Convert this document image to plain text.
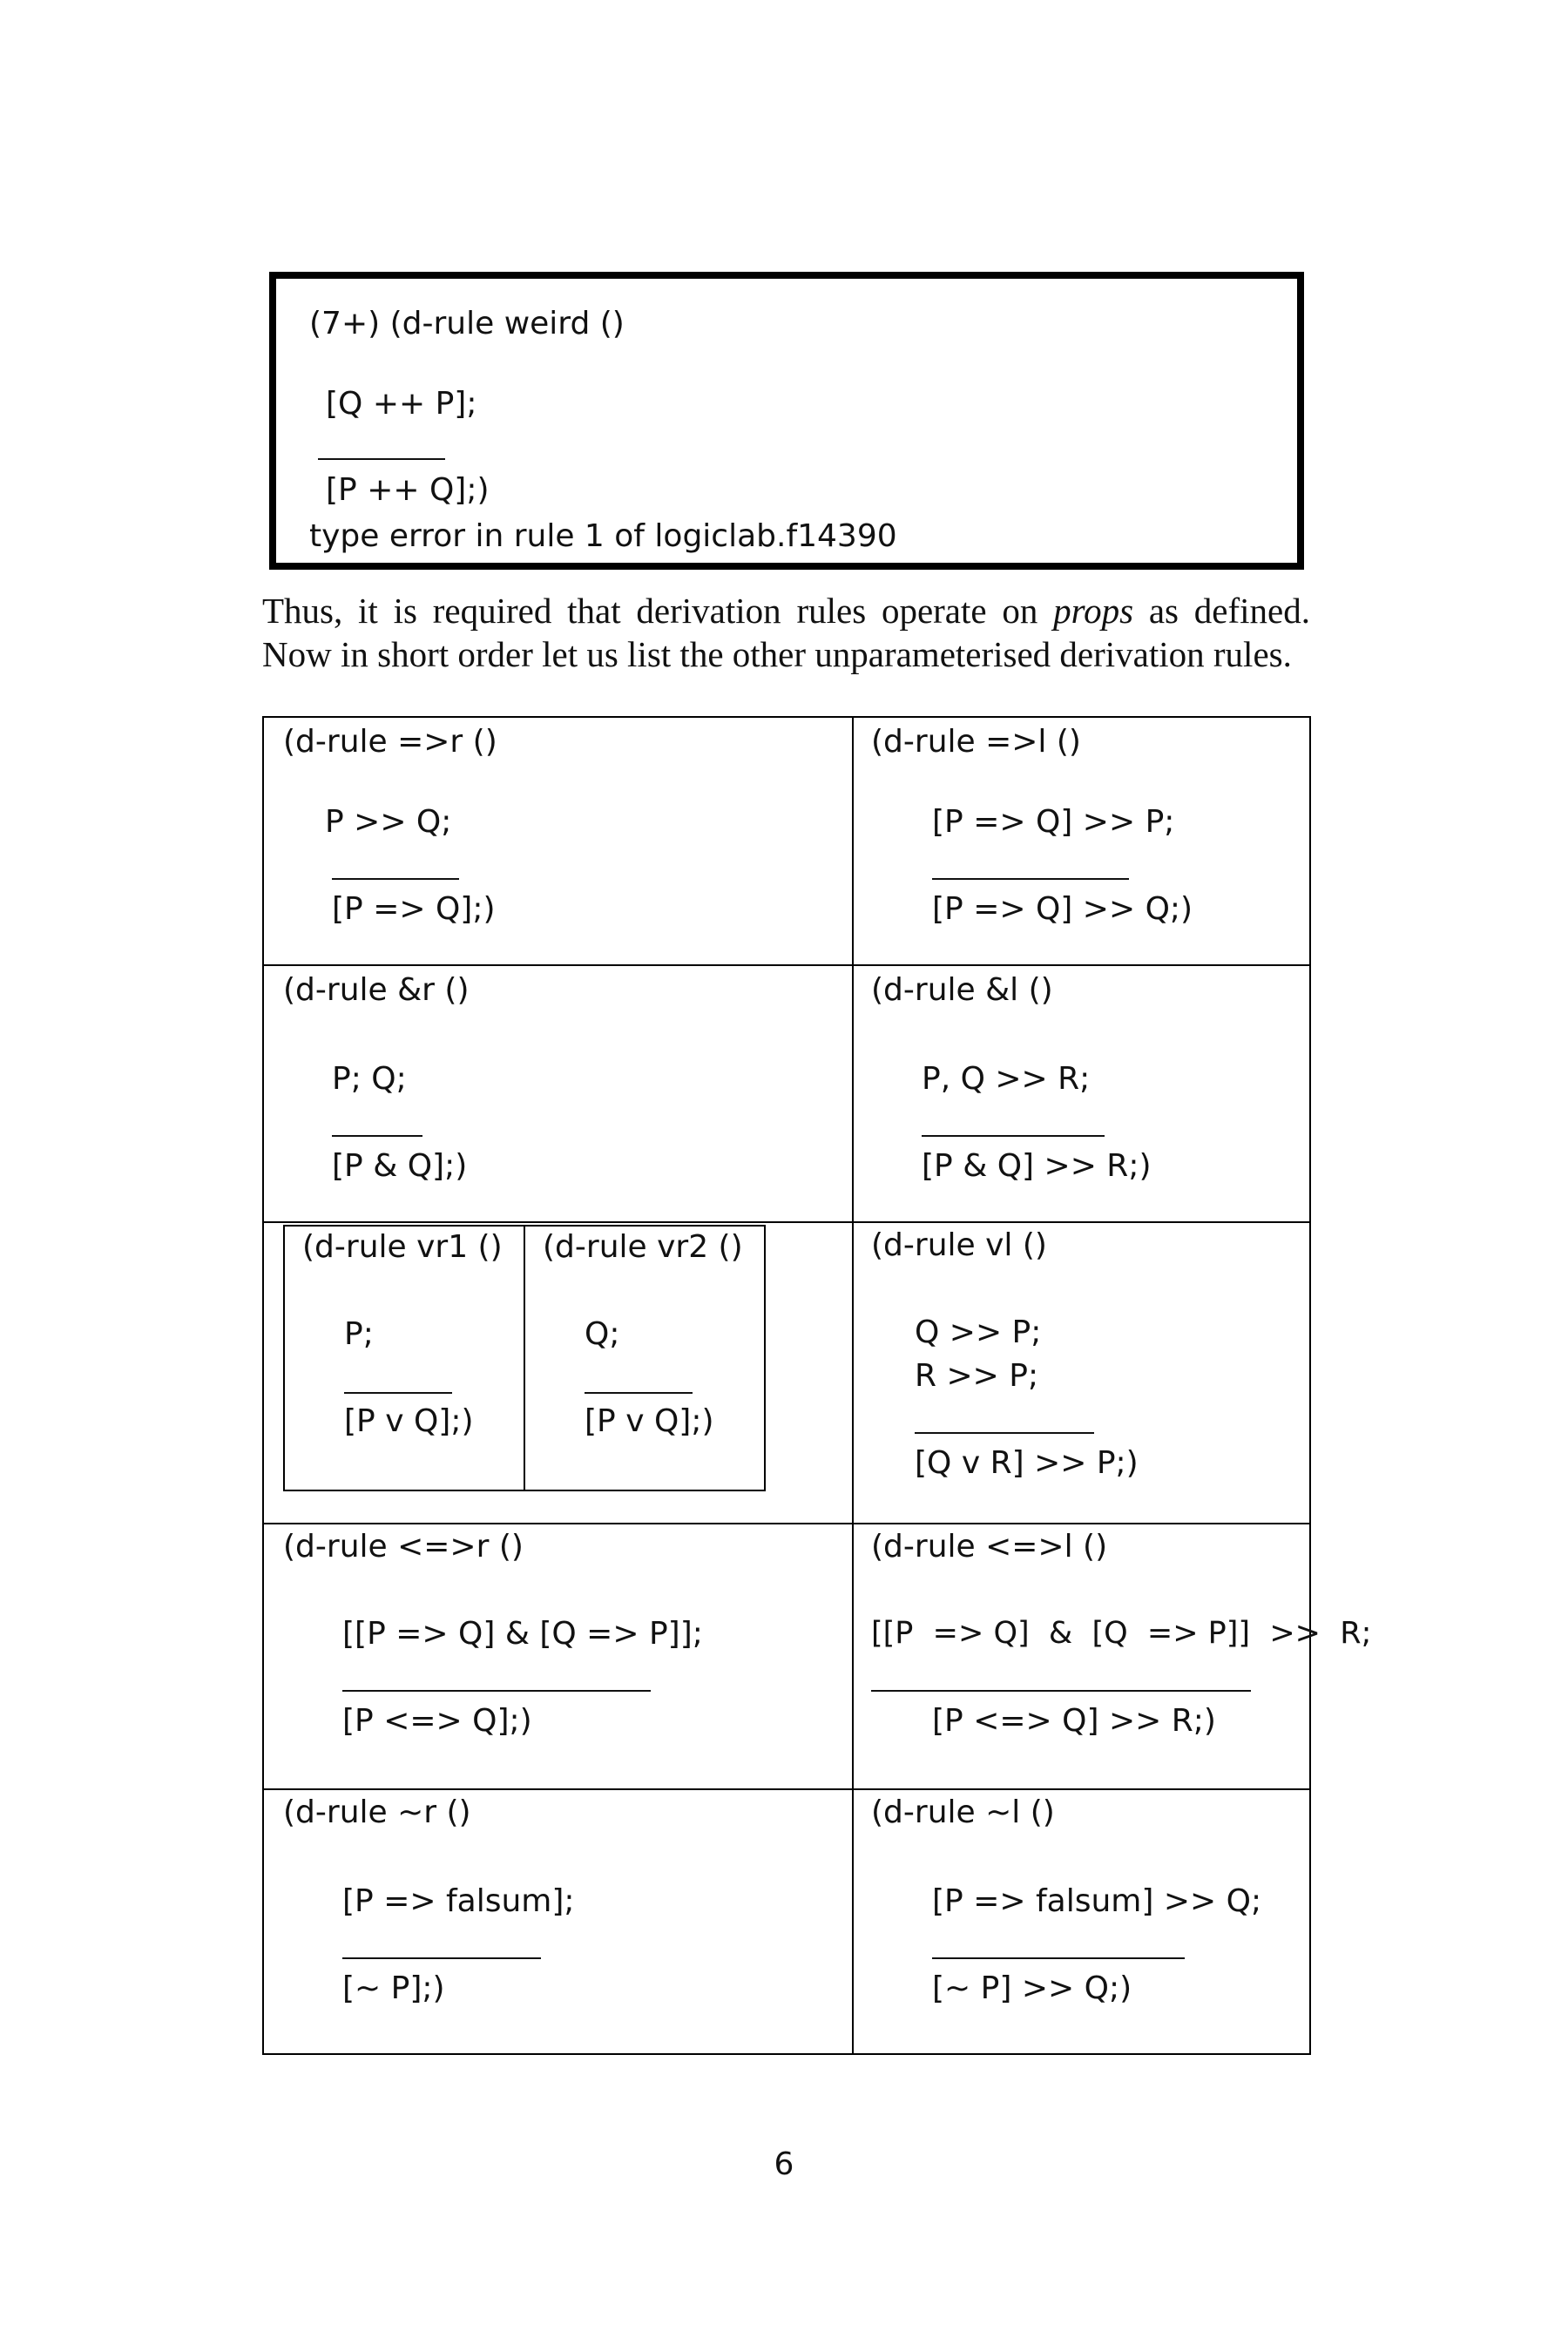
(7+) (d-rule weird ()
[Q ++ P];
[P ++ Q];)
type error in rule 1 of logiclab.f14390
Thus, it is required that derivation rules operate on props as defined.
Now in short order let us list the other unparameterised derivation rules.
(d-rule =>r ()
P >> Q;
[P => Q];)
(d-rule =>l ()
[P => Q] >> P;
[P => Q] >> Q;)
(d-rule &r ()
P; Q;
[P & Q];)
(d-rule &l ()
P, Q >> R;
[P & Q] >> R;)
(d-rule vr1 ()
P;
[P v Q];)
(d-rule vr2 ()
Q;
[P v Q];)
(d-rule vl ()
Q >> P;
R >> P;
[Q v R] >> P;)
(d-rule <=>r ()
[[P => Q] & [Q => P]];
[P <=> Q];)
(d-rule <=>l ()
[[P  => Q]  &  [Q  => P]]  >>  R;
[P <=> Q] >> R;)
(d-rule ~r ()
[P => falsum];
[~ P];)
(d-rule ~l ()
[P => falsum] >> Q;
[~ P] >> Q;)
6
